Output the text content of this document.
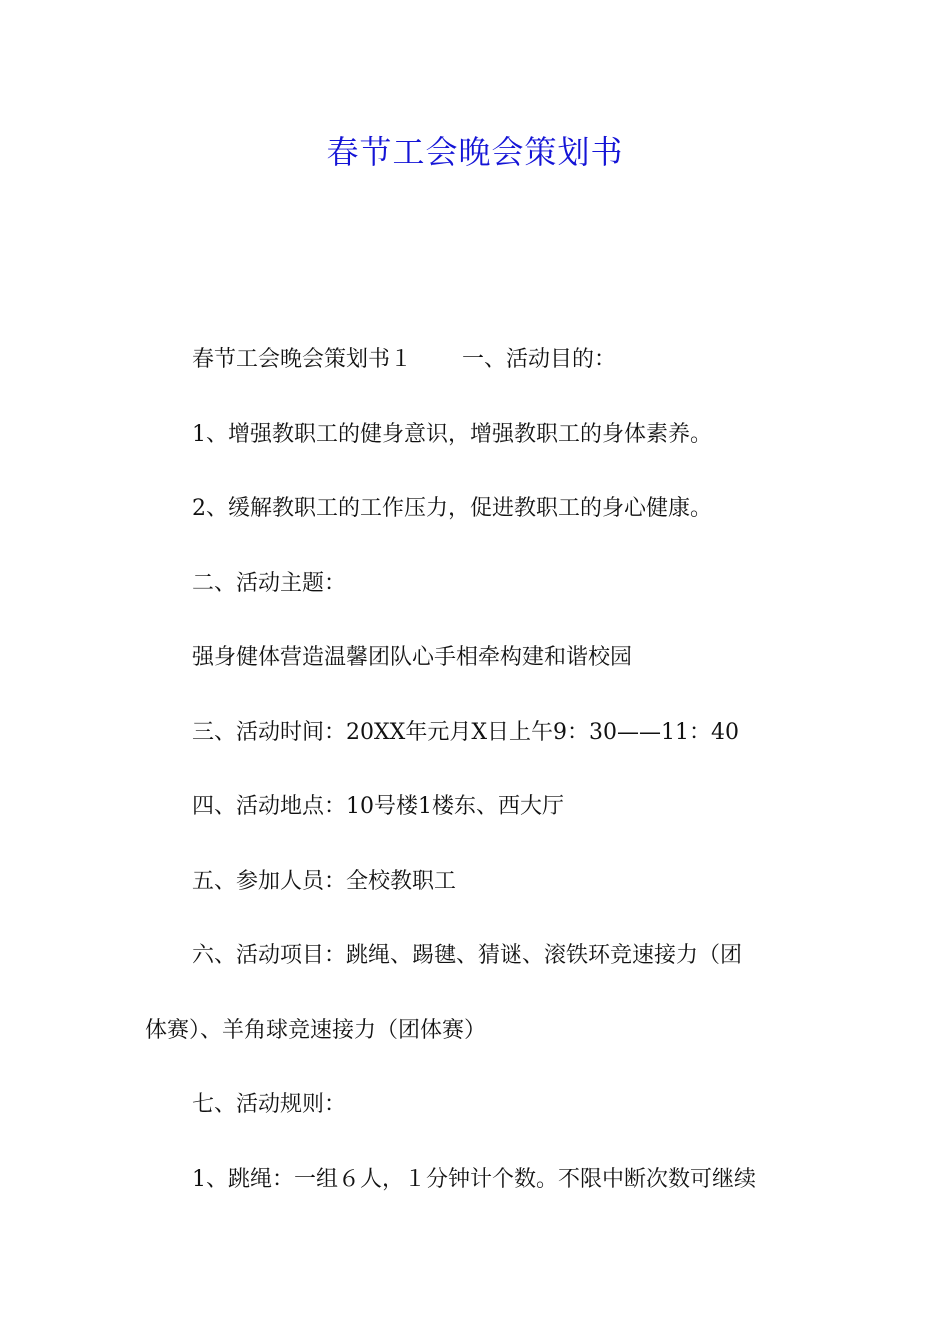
春节工会晚会策划书

春节工会晚会策划书１ 一、活动目的：

1、增强教职工的健身意识，增强教职工的身体素养。

2、缓解教职工的工作压力，促进教职工的身心健康。

二、活动主题：

强身健体营造温馨团队心手相牵构建和谐校园

三、活动时间：20XX年元月X日上午9：30——11：40

四、活动地点：10号楼1楼东、西大厅

五、参加人员：全校教职工

六、活动项目：跳绳、踢毽、猜谜、滚铁环竞速接力（团

体赛）、羊角球竞速接力（团体赛）

七、活动规则：

1、跳绳：一组６人，１分钟计个数。不限中断次数可继续
